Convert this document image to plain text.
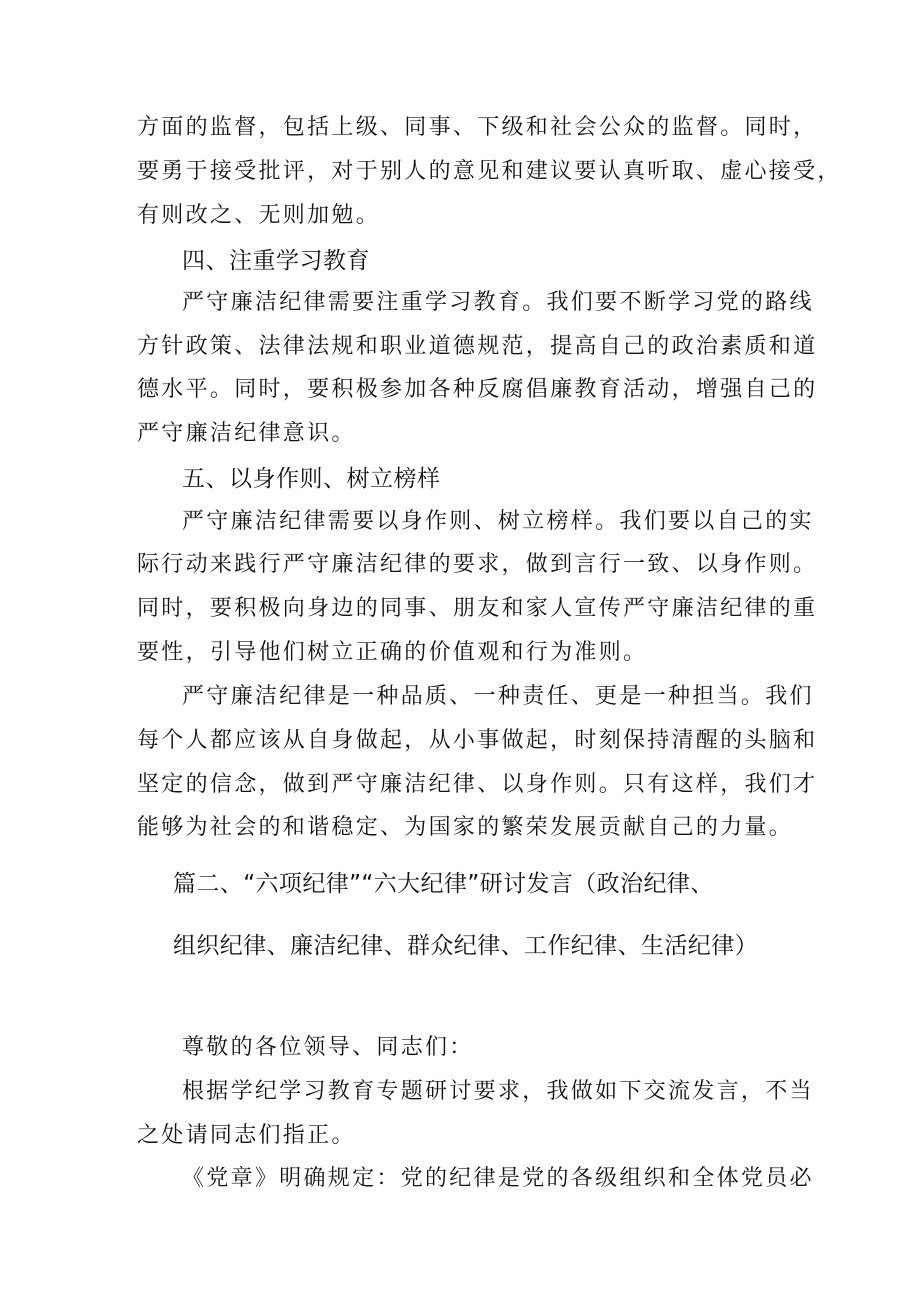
方面的监督，包括上级、同事、下级和社会公众的监督。同时，
要勇于接受批评，对于别人的意见和建议要认真听取、虚心接受，
有则改之、无则加勉。
四、注重学习教育
严守廉洁纪律需要注重学习教育。我们要不断学习党的路线
方针政策、法律法规和职业道德规范，提高自己的政治素质和道
德水平。同时，要积极参加各种反腐倡廉教育活动，增强自己的
严守廉洁纪律意识。
五、以身作则、树立榜样
严守廉洁纪律需要以身作则、树立榜样。我们要以自己的实
际行动来践行严守廉洁纪律的要求，做到言行一致、以身作则。
同时，要积极向身边的同事、朋友和家人宣传严守廉洁纪律的重
要性，引导他们树立正确的价值观和行为准则。
严守廉洁纪律是一种品质、一种责任、更是一种担当。我们
每个人都应该从自身做起，从小事做起，时刻保持清醒的头脑和
坚定的信念，做到严守廉洁纪律、以身作则。只有这样，我们才
能够为社会的和谐稳定、为国家的繁荣发展贡献自己的力量。
篇二、“六项纪律”“六大纪律”研讨发言（政治纪律、
组织纪律、廉洁纪律、群众纪律、工作纪律、生活纪律）
尊敬的各位领导、同志们：
根据学纪学习教育专题研讨要求，我做如下交流发言，不当
之处请同志们指正。
《党章》明确规定：党的纪律是党的各级组织和全体党员必
